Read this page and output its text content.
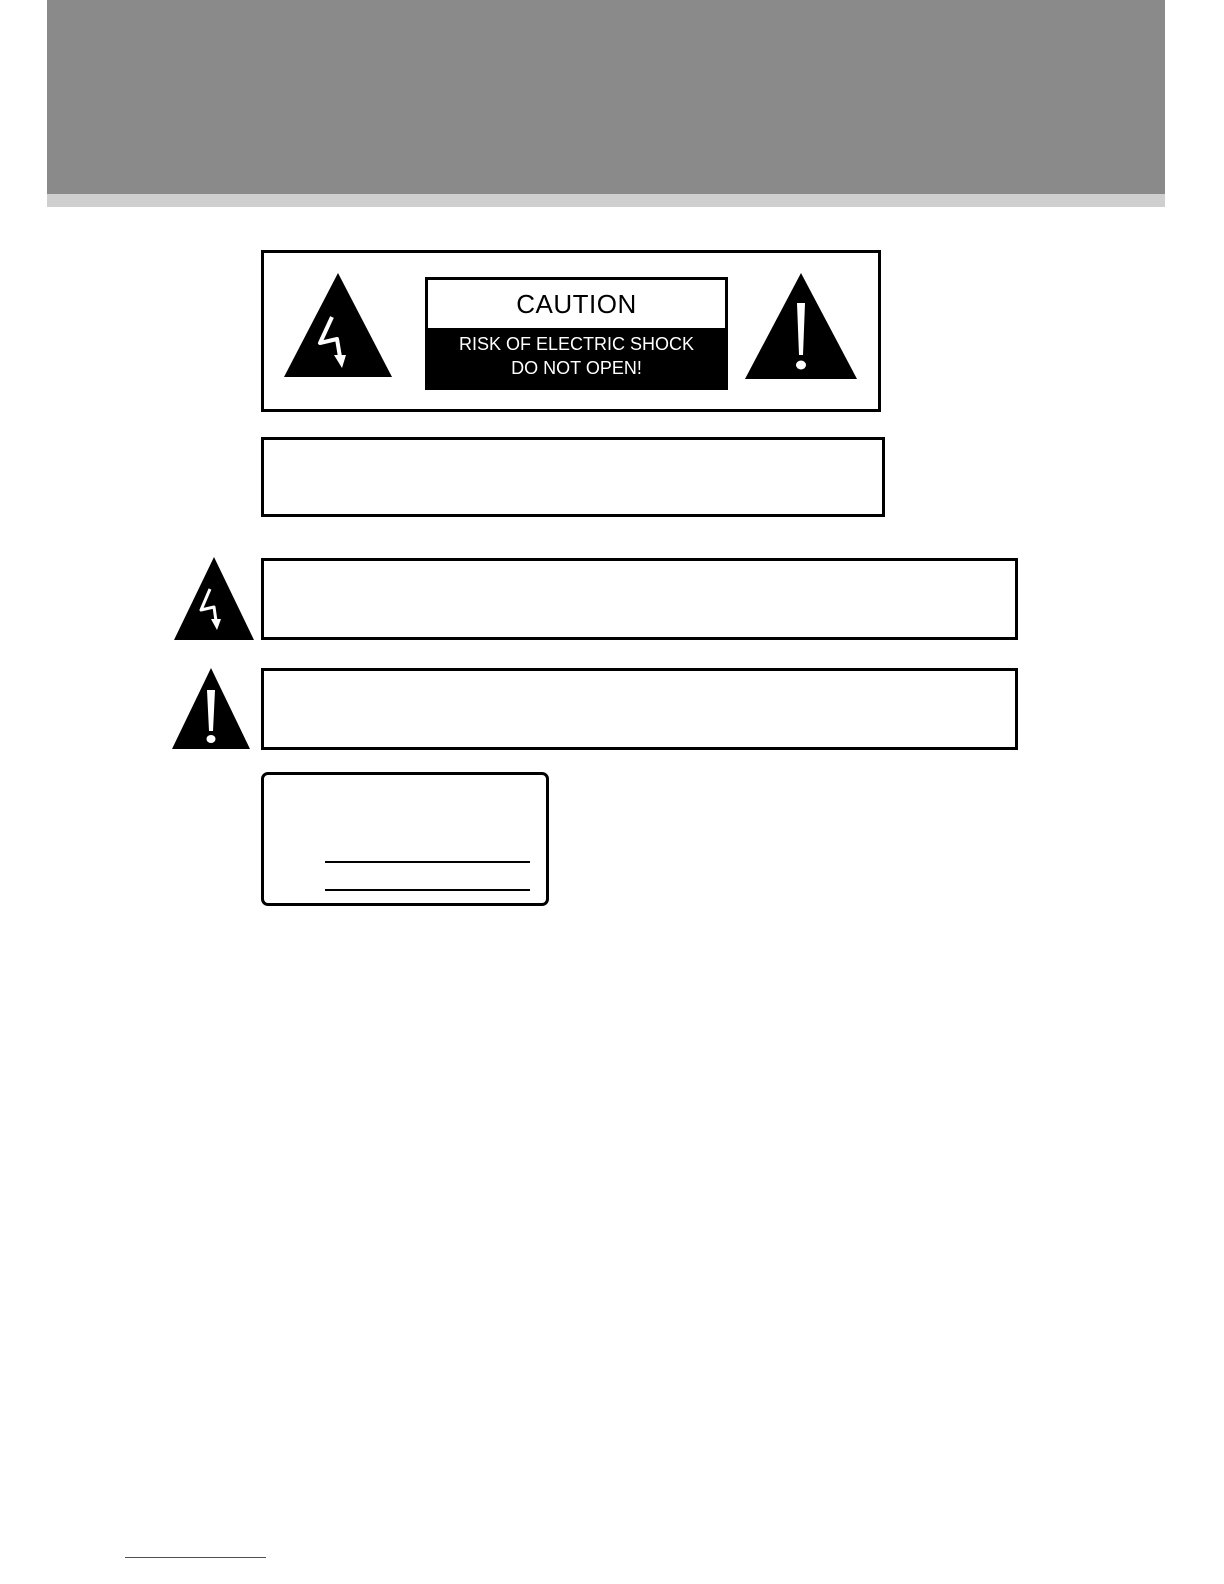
CAUTION
RISK OF ELECTRIC SHOCK
DO NOT OPEN!
